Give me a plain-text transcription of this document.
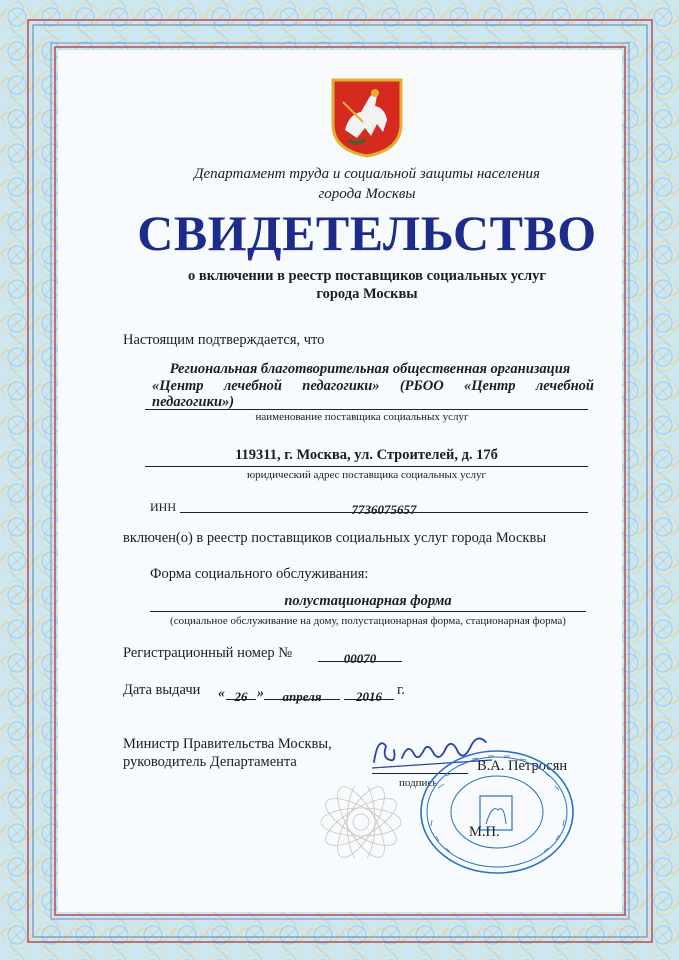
Департамент труда и социальной защиты населения

города Москвы

СВИДЕТЕЛЬСТВО

о включении в реестр поставщиков социальных услуг

города Москвы

Настоящим подтверждается, что

Региональная благотворительная общественная организация

«Центр лечебной педагогики» (РБОО «Центр лечебной

педагогики»)

наименование поставщика социальных услуг

119311, г. Москва, ул. Строителей, д. 17б

юридический адрес поставщика социальных услуг

ИНН	7736075657

включен(о) в реестр поставщиков социальных услуг города Москвы

Форма социального обслуживания:

полустационарная форма

(социальное обслуживание на дому, полустационарная форма, стационарная форма)

Регистрационный номер №	00070

Дата выдачи « 26 »	апреля	2016	г.

Министр Правительства Москвы,

руководитель Департамента	В.А. Петросян

подпись

М.П.
